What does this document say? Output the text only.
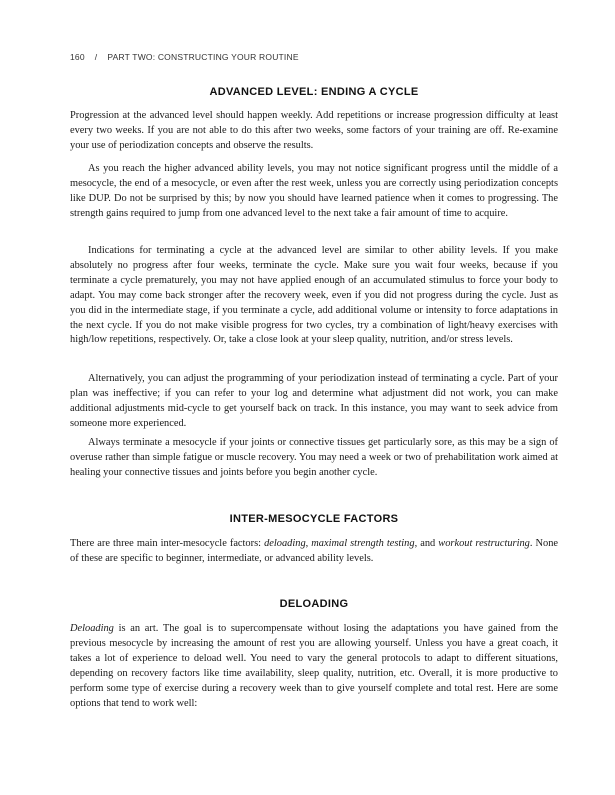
160 / PART TWO: CONSTRUCTING YOUR ROUTINE
ADVANCED LEVEL: ENDING A CYCLE

Progression at the advanced level should happen weekly. Add repetitions or increase progression difficulty at least every two weeks. If you are not able to do this after two weeks, some factors of your training are off. Re-examine your use of periodization concepts and observe the results.

As you reach the higher advanced ability levels, you may not notice significant progress until the middle of a mesocycle, the end of a mesocycle, or even after the rest week, unless you are correctly using periodization concepts like DUP. Do not be surprised by this; by now you should have learned patience when it comes to progressing. The strength gains required to jump from one advanced level to the next take a fair amount of time to acquire.

Indications for terminating a cycle at the advanced level are similar to other ability levels. If you make absolutely no progress after four weeks, terminate the cycle. Make sure you wait four weeks, because if you terminate a cycle prematurely, you may not have applied enough of an accumulated stimulus to force your body to adapt. You may come back stronger after the recovery week, even if you did not progress during the cycle. Just as you did in the intermediate stage, if you terminate a cycle, add additional volume or intensity to force adaptations in the next cycle. If you do not make visible progress for two cycles, try a combination of light/heavy exercises with high/low repetitions, respectively. Or, take a close look at your sleep quality, nutrition, and/or stress levels.

Alternatively, you can adjust the programming of your periodization instead of terminating a cycle. Part of your plan was ineffective; if you can refer to your log and determine what adjustment did not work, you can make additional adjustments mid-cycle to get yourself back on track. In this instance, you may want to seek advice from someone more experienced.

Always terminate a mesocycle if your joints or connective tissues get particularly sore, as this may be a sign of overuse rather than simple fatigue or muscle recovery. You may need a week or two of prehabilitation work aimed at healing your connective tissues and joints before you begin another cycle.

INTER-MESOCYCLE FACTORS

There are three main inter-mesocycle factors: deloading, maximal strength testing, and workout restructuring. None of these are specific to beginner, intermediate, or advanced ability levels.

DELOADING

Deloading is an art. The goal is to supercompensate without losing the adaptations you have gained from the previous mesocycle by increasing the amount of rest you are allowing yourself. Unless you have a great coach, it takes a lot of experience to deload well. You need to vary the general protocols to adapt to different situations, depending on recovery factors like time availability, sleep quality, nutrition, etc. Overall, it is more productive to perform some type of exercise during a recovery week than to give yourself complete and total rest. Here are some options that tend to work well:
